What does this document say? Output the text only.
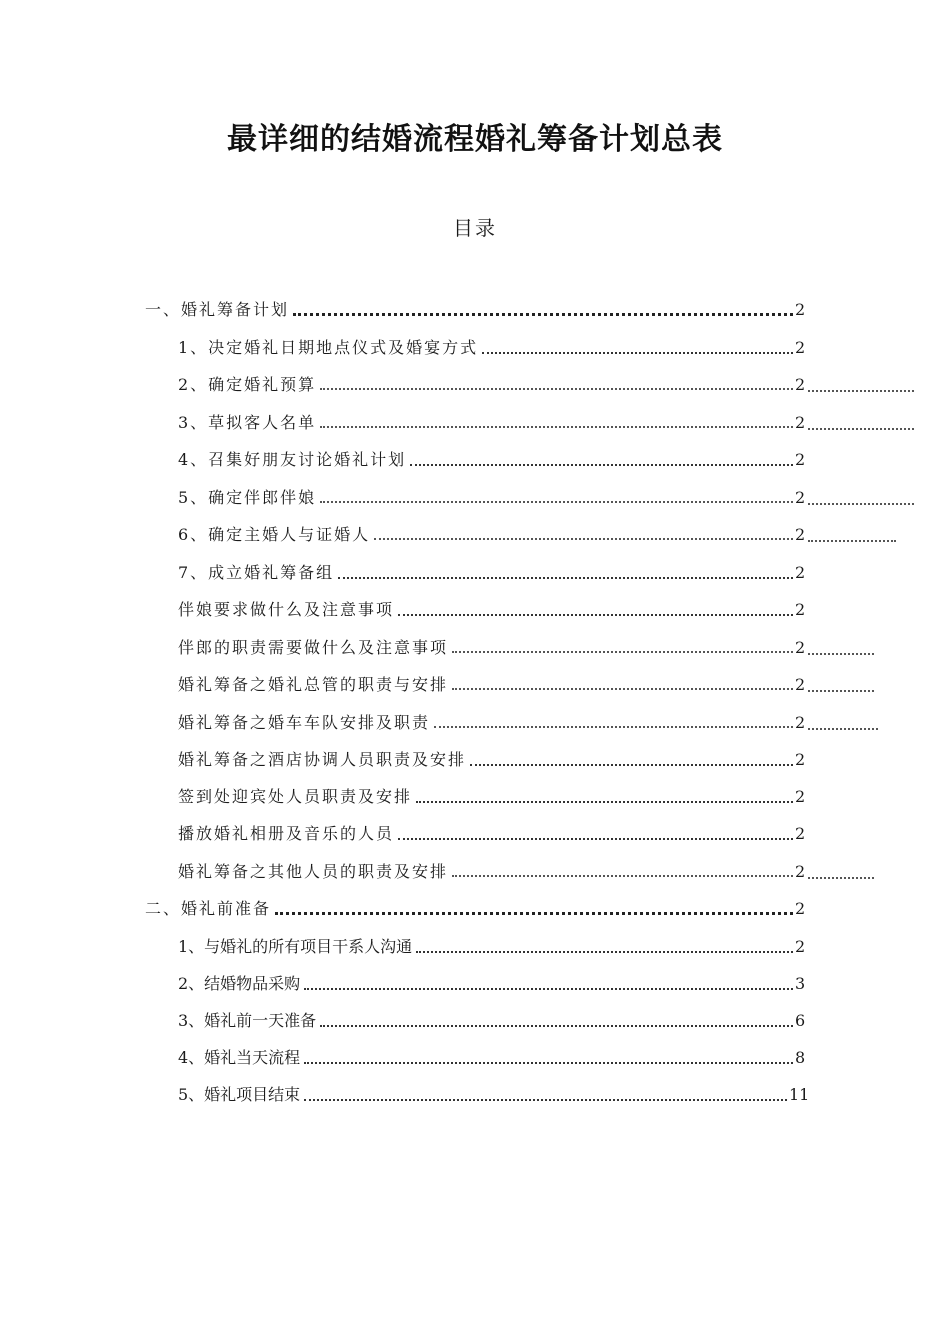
最详细的结婚流程婚礼筹备计划总表
目录
一、婚礼筹备计划	2
1、决定婚礼日期地点仪式及婚宴方式	2
2、确定婚礼预算	2
3、草拟客人名单	2
4、召集好朋友讨论婚礼计划	2
5、确定伴郎伴娘	2
6、确定主婚人与证婚人	2
7、成立婚礼筹备组	2
伴娘要求做什么及注意事项	2
伴郎的职责需要做什么及注意事项	2
婚礼筹备之婚礼总管的职责与安排	2
婚礼筹备之婚车车队安排及职责	2
婚礼筹备之酒店协调人员职责及安排	2
签到处迎宾处人员职责及安排	2
播放婚礼相册及音乐的人员	2
婚礼筹备之其他人员的职责及安排	2
二、婚礼前准备	2
1、与婚礼的所有项目干系人沟通	2
2、结婚物品采购	3
3、婚礼前一天准备	6
4、婚礼当天流程	8
5、婚礼项目结束	11
